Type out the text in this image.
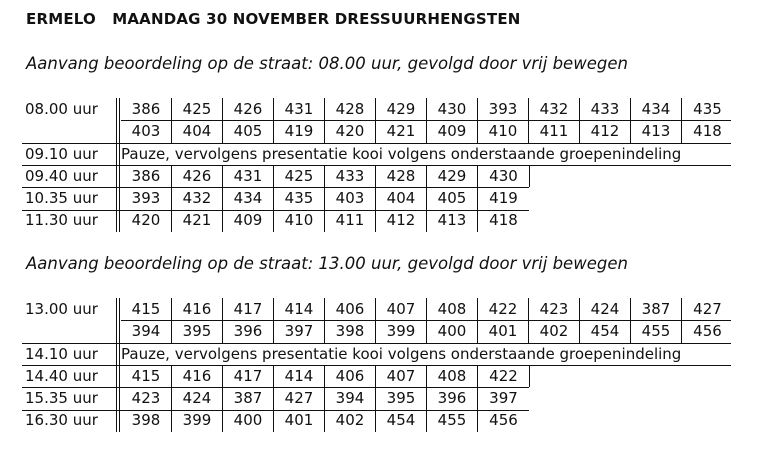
ERMELO   MAANDAG 30 NOVEMBER DRESSUURHENGSTEN
Aanvang beoordeling op de straat: 08.00 uur, gevolgd door vrij bewegen
08.00 uur	386	425	426	431	428	429	430	393	432	433	434	435
403	404	405	419	420	421	409	410	411	412	413	418
09.10 uur	Pauze, vervolgens presentatie kooi volgens onderstaande groepenindeling
09.40 uur	386	426	431	425	433	428	429	430
10.35 uur	393	432	434	435	403	404	405	419
11.30 uur	420	421	409	410	411	412	413	418
Aanvang beoordeling op de straat: 13.00 uur, gevolgd door vrij bewegen
13.00 uur	415	416	417	414	406	407	408	422	423	424	387	427
394	395	396	397	398	399	400	401	402	454	455	456
14.10 uur	Pauze, vervolgens presentatie kooi volgens onderstaande groepenindeling
14.40 uur	415	416	417	414	406	407	408	422
15.35 uur	423	424	387	427	394	395	396	397
16.30 uur	398	399	400	401	402	454	455	456
